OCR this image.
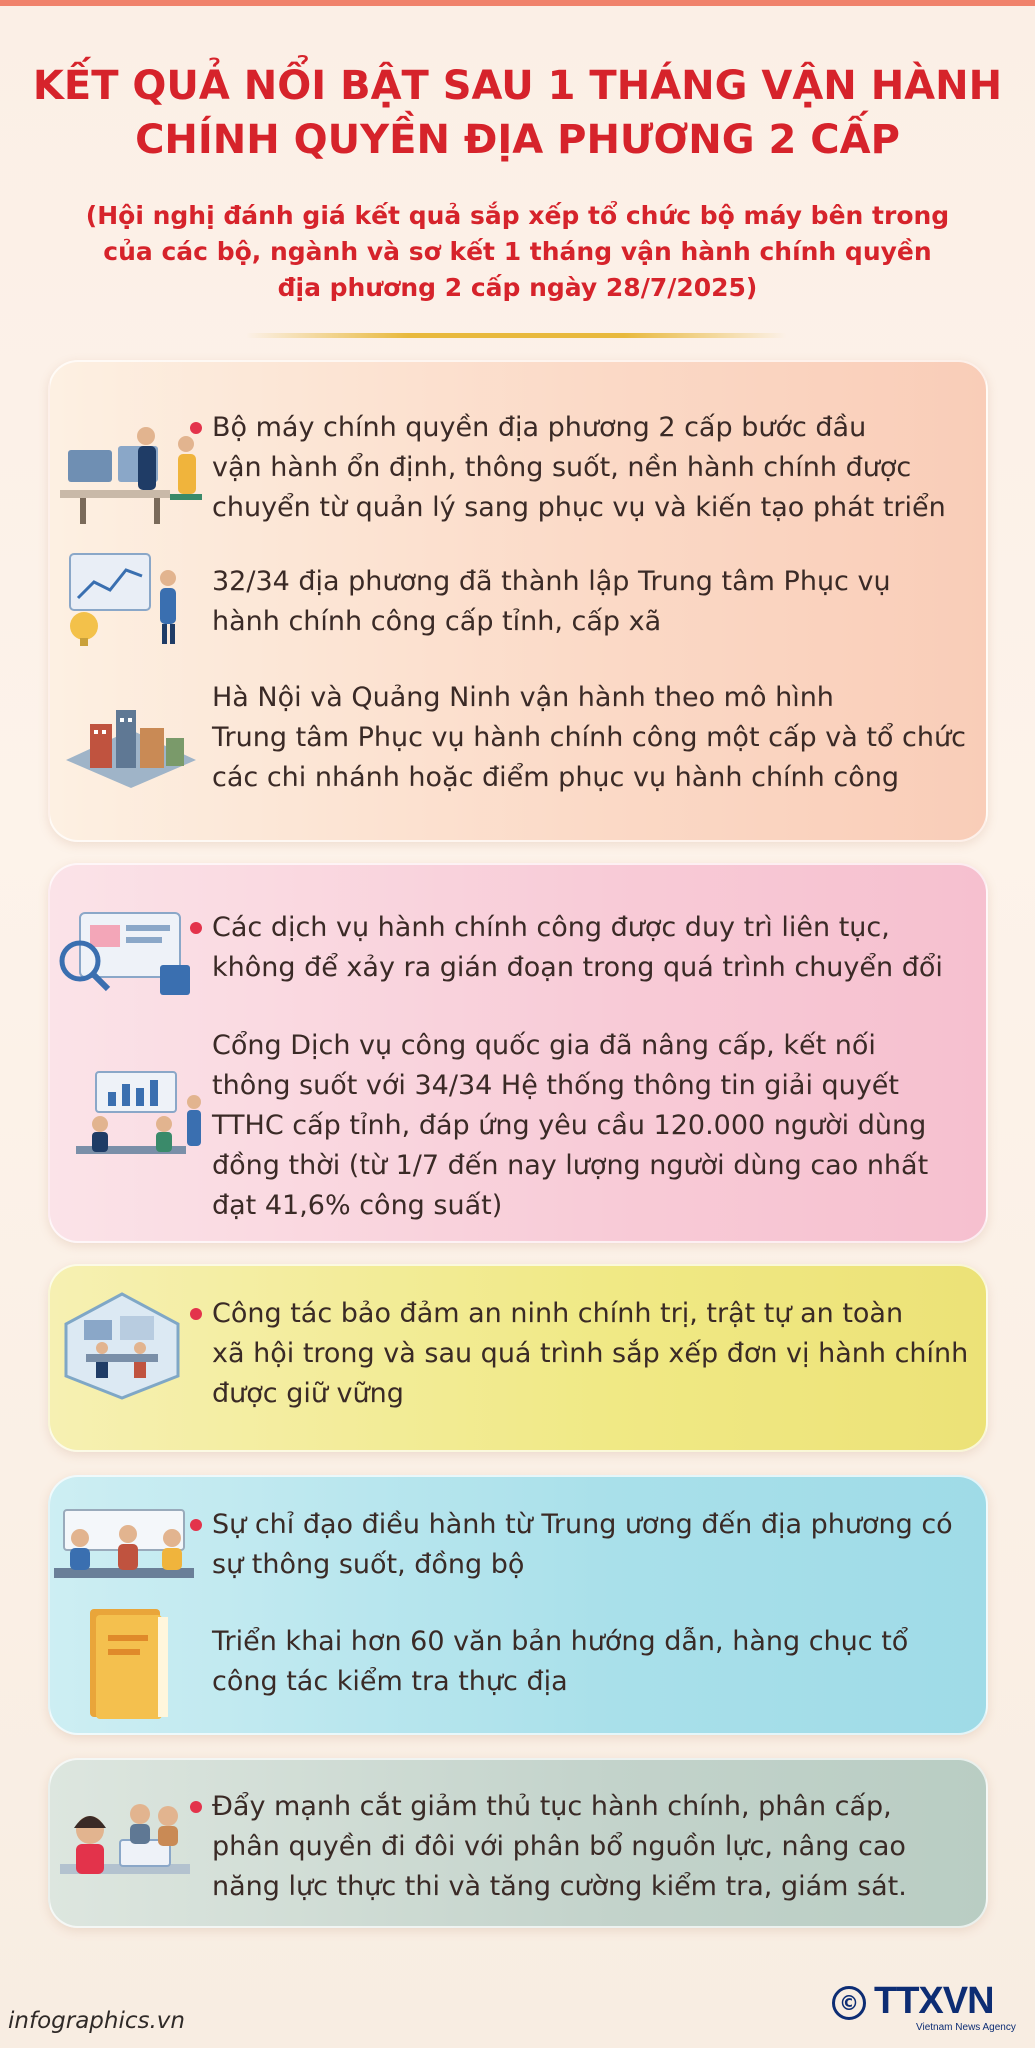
KẾT QUẢ NỔI BẬT SAU 1 THÁNG VẬN HÀNH
CHÍNH QUYỀN ĐỊA PHƯƠNG 2 CẤP

(Hội nghị đánh giá kết quả sắp xếp tổ chức bộ máy bên trong

của các bộ, ngành và sơ kết 1 tháng vận hành chính quyền

địa phương 2 cấp ngày 28/7/2025)

Bộ máy chính quyền địa phương 2 cấp bước đầu
vận hành ổn định, thông suốt, nền hành chính được
chuyển từ quản lý sang phục vụ và kiến tạo phát triển
32/34 địa phương đã thành lập Trung tâm Phục vụ
hành chính công cấp tỉnh, cấp xã
Hà Nội và Quảng Ninh vận hành theo mô hình
Trung tâm Phục vụ hành chính công một cấp và tổ chức
các chi nhánh hoặc điểm phục vụ hành chính công
Các dịch vụ hành chính công được duy trì liên tục,
không để xảy ra gián đoạn trong quá trình chuyển đổi
Cổng Dịch vụ công quốc gia đã nâng cấp, kết nối
thông suốt với 34/34 Hệ thống thông tin giải quyết
TTHC cấp tỉnh, đáp ứng yêu cầu 120.000 người dùng
đồng thời (từ 1/7 đến nay lượng người dùng cao nhất
đạt 41,6% công suất)
Công tác bảo đảm an ninh chính trị, trật tự an toàn
xã hội trong và sau quá trình sắp xếp đơn vị hành chính
được giữ vững
Sự chỉ đạo điều hành từ Trung ương đến địa phương có
sự thông suốt, đồng bộ
Triển khai hơn 60 văn bản hướng dẫn, hàng chục tổ
công tác kiểm tra thực địa
Đẩy mạnh cắt giảm thủ tục hành chính, phân cấp,
phân quyền đi đôi với phân bổ nguồn lực, nâng cao
năng lực thực thi và tăng cường kiểm tra, giám sát.
infographics.vn
© TTXVN
Vietnam News Agency
